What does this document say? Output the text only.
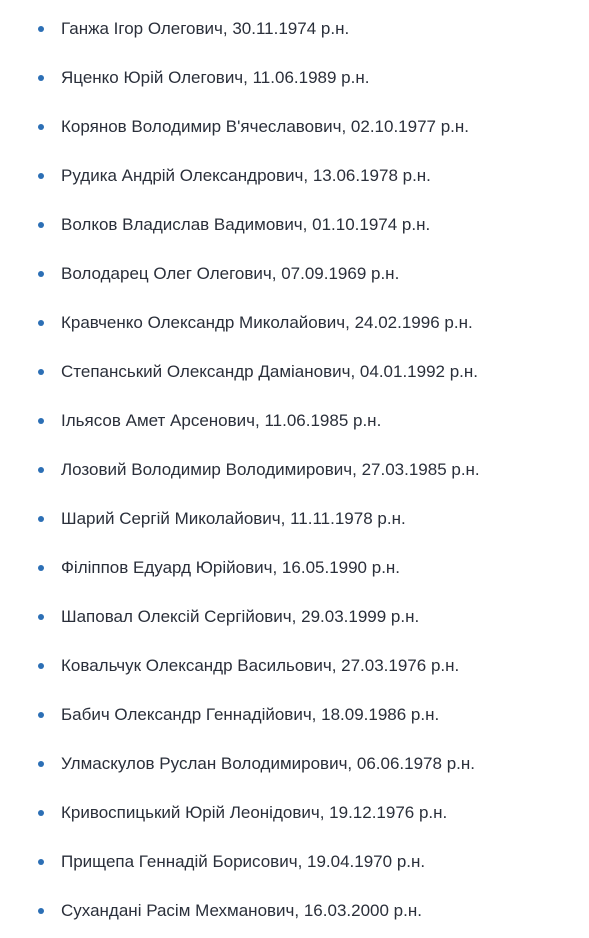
Ганжа Ігор Олегович, 30.11.1974 р.н.
Яценко Юрій Олегович, 11.06.1989 р.н.
Корянов Володимир В'ячеславович, 02.10.1977 р.н.
Рудика Андрій Олександрович, 13.06.1978 р.н.
Волков Владислав Вадимович, 01.10.1974 р.н.
Володарец Олег Олегович, 07.09.1969 р.н.
Кравченко Олександр Миколайович, 24.02.1996 р.н.
Степанський Олександр Даміанович, 04.01.1992 р.н.
Ільясов Амет Арсенович, 11.06.1985 р.н.
Лозовий Володимир Володимирович, 27.03.1985 р.н.
Шарий Сергій Миколайович, 11.11.1978 р.н.
Філіппов Едуард Юрійович, 16.05.1990 р.н.
Шаповал Олексій Сергійович, 29.03.1999 р.н.
Ковальчук Олександр Васильович, 27.03.1976 р.н.
Бабич Олександр Геннадійович, 18.09.1986 р.н.
Улмаскулов Руслан Володимирович, 06.06.1978 р.н.
Кривоспицький Юрій Леонідович, 19.12.1976 р.н.
Прищепа Геннадій Борисович, 19.04.1970 р.н.
Сухандані Расім Мехманович, 16.03.2000 р.н.
